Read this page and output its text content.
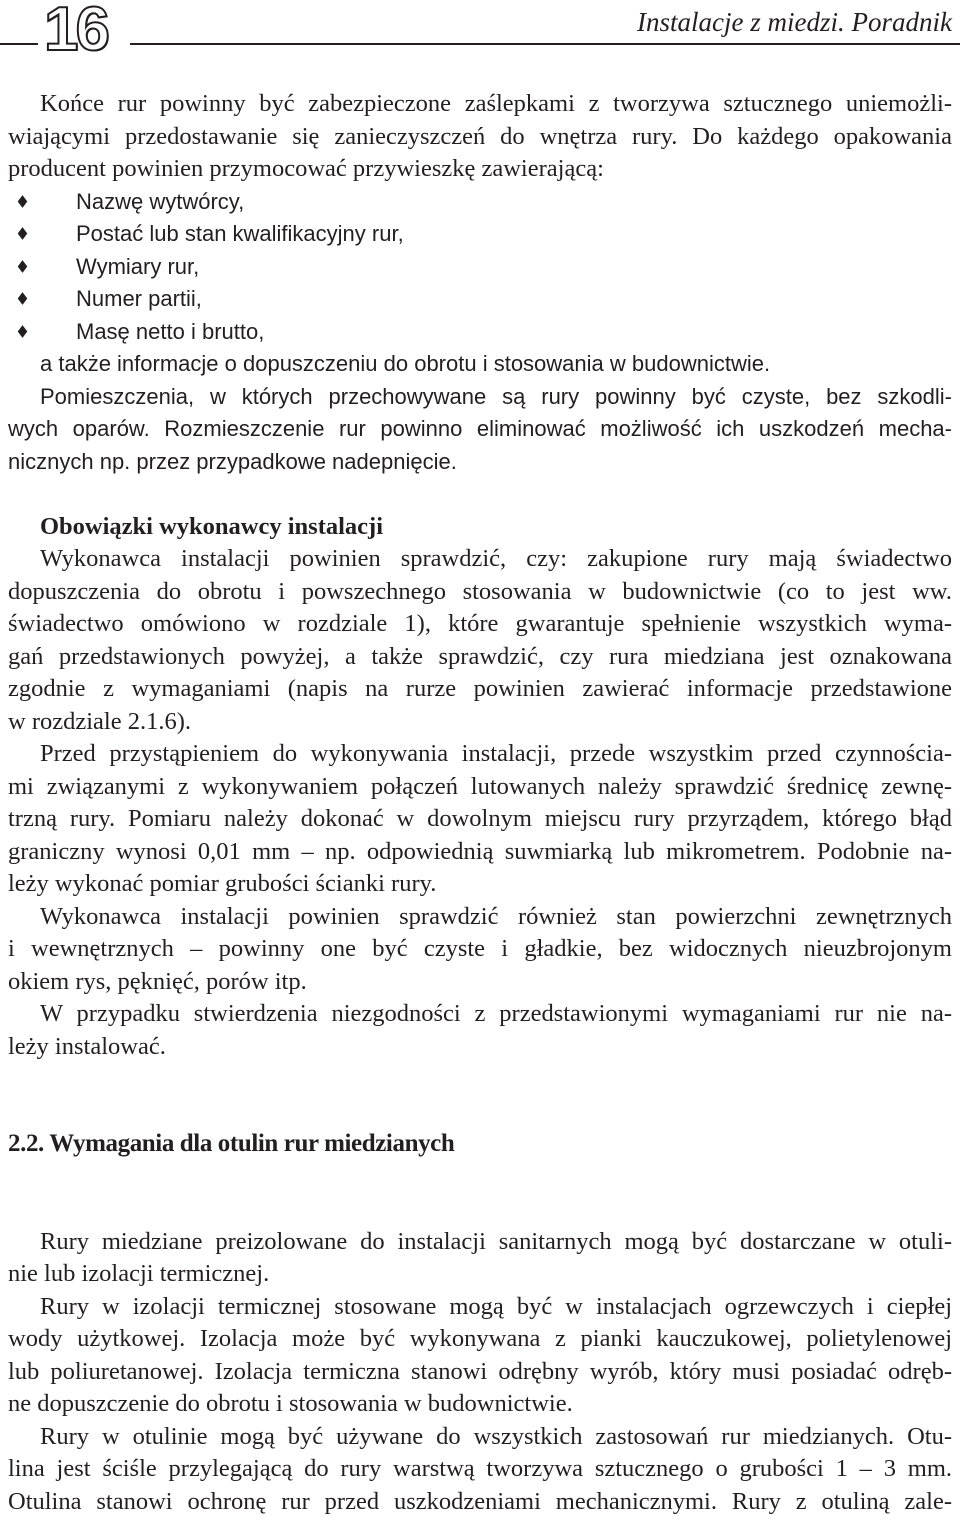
16	Instalacje z miedzi. Poradnik
Końce rur powinny być zabezpieczone zaślepkami z tworzywa sztucznego uniemożli-
wiającymi przedostawanie się zanieczyszczeń do wnętrza rury. Do każdego opakowania
producent powinien przymocować przywieszkę zawierającą:
Nazwę wytwórcy,
Postać lub stan kwalifikacyjny rur,
Wymiary rur,
Numer partii,
Masę netto i brutto,
a także informacje o dopuszczeniu do obrotu i stosowania w budownictwie.
Pomieszczenia, w których przechowywane są rury powinny być czyste, bez szkodli-
wych oparów. Rozmieszczenie rur powinno eliminować możliwość ich uszkodzeń mecha-
nicznych np. przez przypadkowe nadepnięcie.
Obowiązki wykonawcy instalacji
Wykonawca instalacji powinien sprawdzić, czy: zakupione rury mają świadectwo
dopuszczenia do obrotu i powszechnego stosowania w budownictwie (co to jest ww.
świadectwo omówiono w rozdziale 1), które gwarantuje spełnienie wszystkich wyma-
gań przedstawionych powyżej, a także sprawdzić, czy rura miedziana jest oznakowana
zgodnie z wymaganiami (napis na rurze powinien zawierać informacje przedstawione
w rozdziale 2.1.6).
Przed przystąpieniem do wykonywania instalacji, przede wszystkim przed czynnościa-
mi związanymi z wykonywaniem połączeń lutowanych należy sprawdzić średnicę zewnę-
trzną rury. Pomiaru należy dokonać w dowolnym miejscu rury przyrządem, którego błąd
graniczny wynosi 0,01 mm – np. odpowiednią suwmiarką lub mikrometrem. Podobnie na-
leży wykonać pomiar grubości ścianki rury.
Wykonawca instalacji powinien sprawdzić również stan powierzchni zewnętrznych
i wewnętrznych – powinny one być czyste i gładkie, bez widocznych nieuzbrojonym
okiem rys, pęknięć, porów itp.
W przypadku stwierdzenia niezgodności z przedstawionymi wymaganiami rur nie na-
leży instalować.
2.2. Wymagania dla otulin rur miedzianych
Rury miedziane preizolowane do instalacji sanitarnych mogą być dostarczane w otuli-
nie lub izolacji termicznej.
Rury w izolacji termicznej stosowane mogą być w instalacjach ogrzewczych i ciepłej
wody użytkowej. Izolacja może być wykonywana z pianki kauczukowej, polietylenowej
lub poliuretanowej. Izolacja termiczna stanowi odrębny wyrób, który musi posiadać odręb-
ne dopuszczenie do obrotu i stosowania w budownictwie.
Rury w otulinie mogą być używane do wszystkich zastosowań rur miedzianych. Otu-
lina jest ściśle przylegającą do rury warstwą tworzywa sztucznego o grubości 1 – 3 mm.
Otulina stanowi ochronę rur przed uszkodzeniami mechanicznymi. Rury z otuliną zale-
